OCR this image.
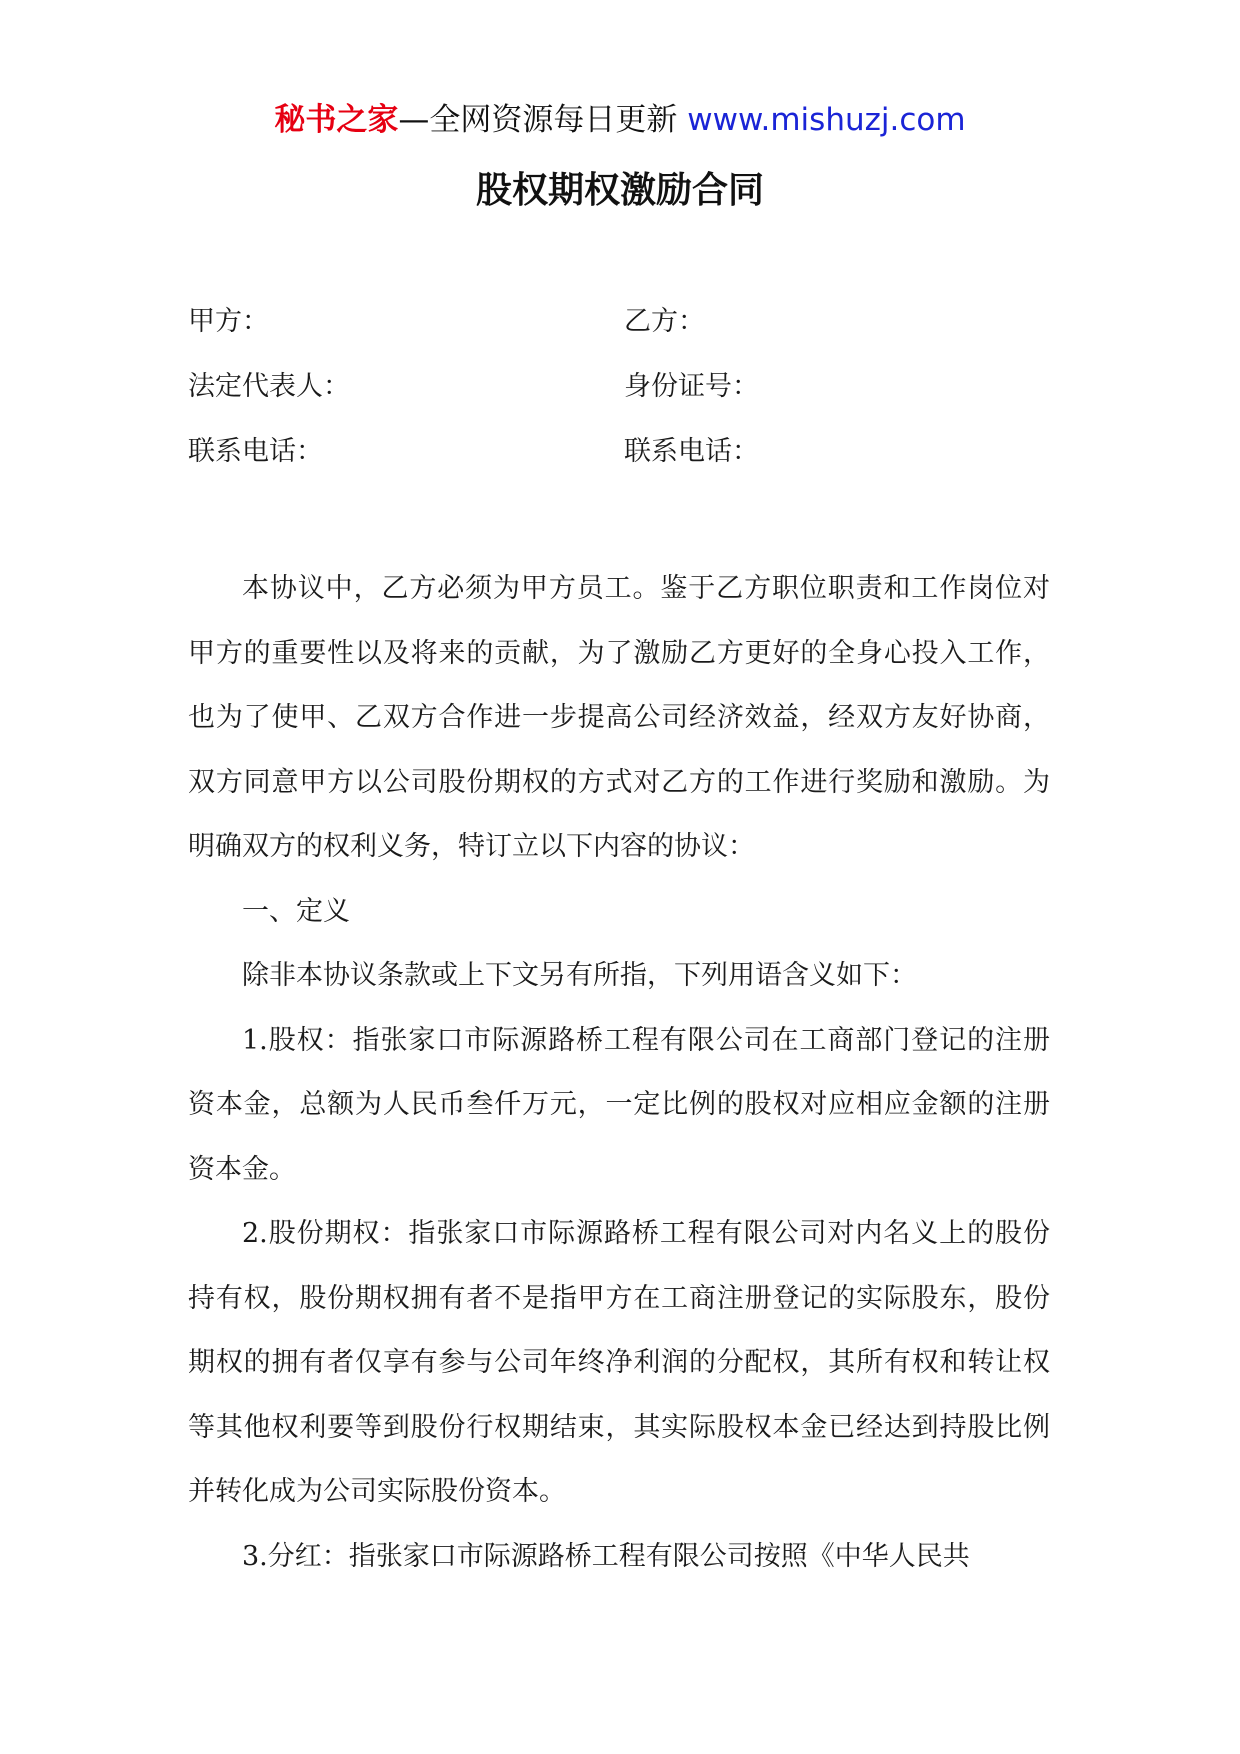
秘书之家—全网资源每日更新 www.mishuzj.com
股权期权激励合同
甲方：	乙方：
法定代表人：	身份证号：
联系电话：	联系电话：

本协议中，乙方必须为甲方员工。鉴于乙方职位职责和工作岗位对甲方的重要性以及将来的贡献，为了激励乙方更好的全身心投入工作，也为了使甲、乙双方合作进一步提高公司经济效益，经双方友好协商，双方同意甲方以公司股份期权的方式对乙方的工作进行奖励和激励。为明确双方的权利义务，特订立以下内容的协议：

一、定义

除非本协议条款或上下文另有所指，下列用语含义如下：

1.股权：指张家口市际源路桥工程有限公司在工商部门登记的注册资本金，总额为人民币叁仟万元，一定比例的股权对应相应金额的注册资本金。

2.股份期权：指张家口市际源路桥工程有限公司对内名义上的股份持有权，股份期权拥有者不是指甲方在工商注册登记的实际股东，股份期权的拥有者仅享有参与公司年终净利润的分配权，其所有权和转让权等其他权利要等到股份行权期结束，其实际股权本金已经达到持股比例并转化成为公司实际股份资本。

3.分红：指张家口市际源路桥工程有限公司按照《中华人民共
